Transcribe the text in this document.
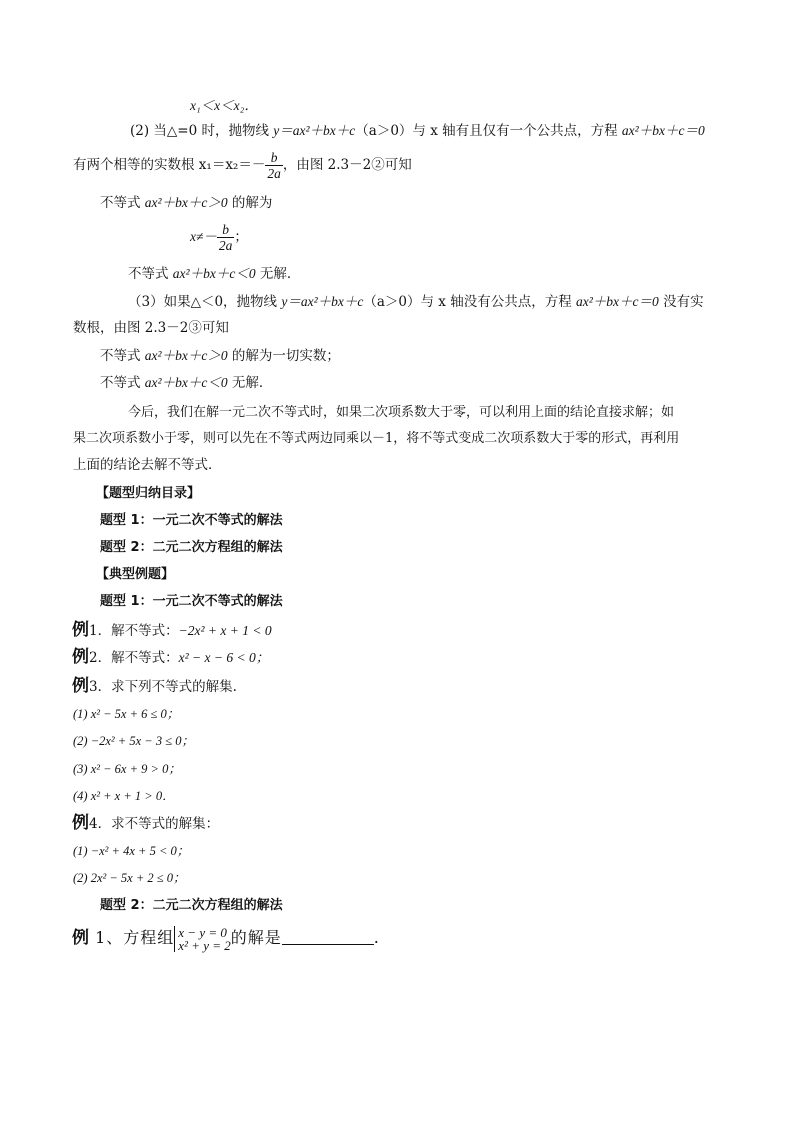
x₁＜x＜x₂．
(2) 当△=0 时，抛物线 y＝ax²＋bx＋c（a＞0）与 x 轴有且仅有一个公共点，方程 ax²＋bx＋c＝0
有两个相等的实数根 $x_1=x_2=- \frac{b}{2a}$ ，由图 2.3－2②可知
不等式 ax²＋bx＋c＞0 的解为
$x\ne- \frac{b}{2a}$ ；
不等式 ax²＋bx＋c＜0 无解．
（3）如果△＜0，抛物线 y＝ax²＋bx＋c（a＞0）与 x 轴没有公共点，方程 ax²＋bx＋c＝0 没有实
数根，由图 2.3－2③可知
不等式 ax²＋bx＋c＞0 的解为一切实数；
不等式 ax²＋bx＋c＜0 无解．
今后，我们在解一元二次不等式时，如果二次项系数大于零，可以利用上面的结论直接求解；如
果二次项系数小于零，则可以先在不等式两边同乘以－1，将不等式变成二次项系数大于零的形式，再利用
上面的结论去解不等式．
【题型归纳目录】
题型 1：一元二次不等式的解法
题型 2：二元二次方程组的解法
【典型例题】
题型 1：一元二次不等式的解法
例1．解不等式：−2x² + x + 1 < 0
例2．解不等式：x² − x − 6 < 0；
例3．求下列不等式的解集.
(1) x² − 5x + 6 ≤ 0；
(2) −2x² + 5x − 3 ≤ 0；
(3) x² − 6x + 9 > 0；
(4) x² + x + 1 > 0．
例4．求不等式的解集：
(1) −x² + 4x + 5 < 0；
(2) 2x² − 5x + 2 ≤ 0；
题型 2：二元二次方程组的解法
例 1、方程组 x − y = 0
x² + y = 2 的解是	.
